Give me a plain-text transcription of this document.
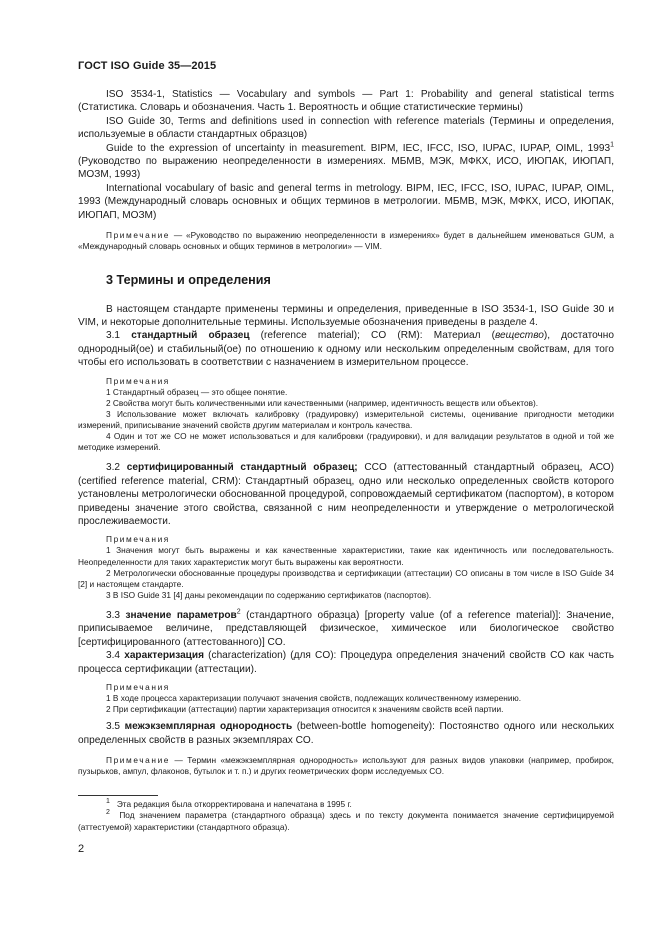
ГОСТ ISO Guide 35—2015

ISO 3534-1, Statistics — Vocabulary and symbols — Part 1: Probability and general statistical terms (Статистика. Словарь и обозначения. Часть 1. Вероятность и общие статистические термины)

ISO Guide 30, Terms and definitions used in connection with reference materials (Термины и определения, используемые в области стандартных образцов)

Guide to the expression of uncertainty in measurement. BIPM, IEC, IFCC, ISO, IUPAC, IUPAP, OIML, 1993$^1$ (Руководство по выражению неопределенности в измерениях. МБМВ, МЭК, МФКХ, ИСО, ИЮПАК, ИЮПАП, МОЗМ, 1993)

International vocabulary of basic and general terms in metrology. BIPM, IEC, IFCC, ISO, IUPAC, IUPAP, OIML, 1993 (Международный словарь основных и общих терминов в метрологии. МБМВ, МЭК, МФКХ, ИСО, ИЮПАК, ИЮПАП, МОЗМ)

Примечание — «Руководство по выражению неопределенности в измерениях» будет в дальнейшем именоваться GUM, а «Международный словарь основных и общих терминов в метрологии» — VIM.

3 Термины и определения

В настоящем стандарте применены термины и определения, приведенные в ISO 3534-1, ISO Guide 30 и VIM, и некоторые дополнительные термины. Используемые обозначения приведены в разделе 4.

3.1 стандартный образец (reference material); CO (RM): Материал (вещество), достаточно однородный(ое) и стабильный(ое) по отношению к одному или нескольким определенным свойствам, для того чтобы его использовать в соответствии с назначением в измерительном процессе.

Примечания

1 Стандартный образец — это общее понятие.

2 Свойства могут быть количественными или качественными (например, идентичность веществ или объектов).

3 Использование может включать калибровку (градуировку) измерительной системы, оценивание пригодности методики измерений, приписывание значений свойств другим материалам и контроль качества.

4 Один и тот же CO не может использоваться и для калибровки (градуировки), и для валидации результатов в одной и той же методике измерений.

3.2 сертифицированный стандартный образец; CCO (аттестованный стандартный образец, АСО) (certified reference material, CRM): Стандартный образец, одно или несколько определенных свойств которого установлены метрологически обоснованной процедурой, сопровождаемый сертификатом (паспортом), в котором приведены значение этого свойства, связанной с ним неопределенности и утверждение о метрологической прослеживаемости.

Примечания

1 Значения могут быть выражены и как качественные характеристики, такие как идентичность или последовательность. Неопределенности для таких характеристик могут быть выражены как вероятности.

2 Метрологически обоснованные процедуры производства и сертификации (аттестации) CO описаны в том числе в ISO Guide 34 [2] и настоящем стандарте.

3 В ISO Guide 31 [4] даны рекомендации по содержанию сертификатов (паспортов).

3.3 значение параметров$^2$ (стандартного образца) [property value (of a reference material)]: Значение, приписываемое величине, представляющей физическое, химическое или биологическое свойство [сертифицированного (аттестованного)] CO.

3.4 характеризация (characterization) (для CO): Процедура определения значений свойств CO как часть процесса сертификации (аттестации).

Примечания

1 В ходе процесса характеризации получают значения свойств, подлежащих количественному измерению.

2 При сертификации (аттестации) партии характеризация относится к значениям свойств всей партии.

3.5 межэкземплярная однородность (between-bottle homogeneity): Постоянство одного или нескольких определенных свойств в разных экземплярах CO.

Примечание — Термин «межэкземплярная однородность» используют для разных видов упаковки (например, пробирок, пузырьков, ампул, флаконов, бутылок и т. п.) и других геометрических форм исследуемых CO.

$^1$ Эта редакция была откорректирована и напечатана в 1995 г.

$^2$ Под значением параметра (стандартного образца) здесь и по тексту документа понимается значение сертифицируемой (аттестуемой) характеристики (стандартного образца).

2
